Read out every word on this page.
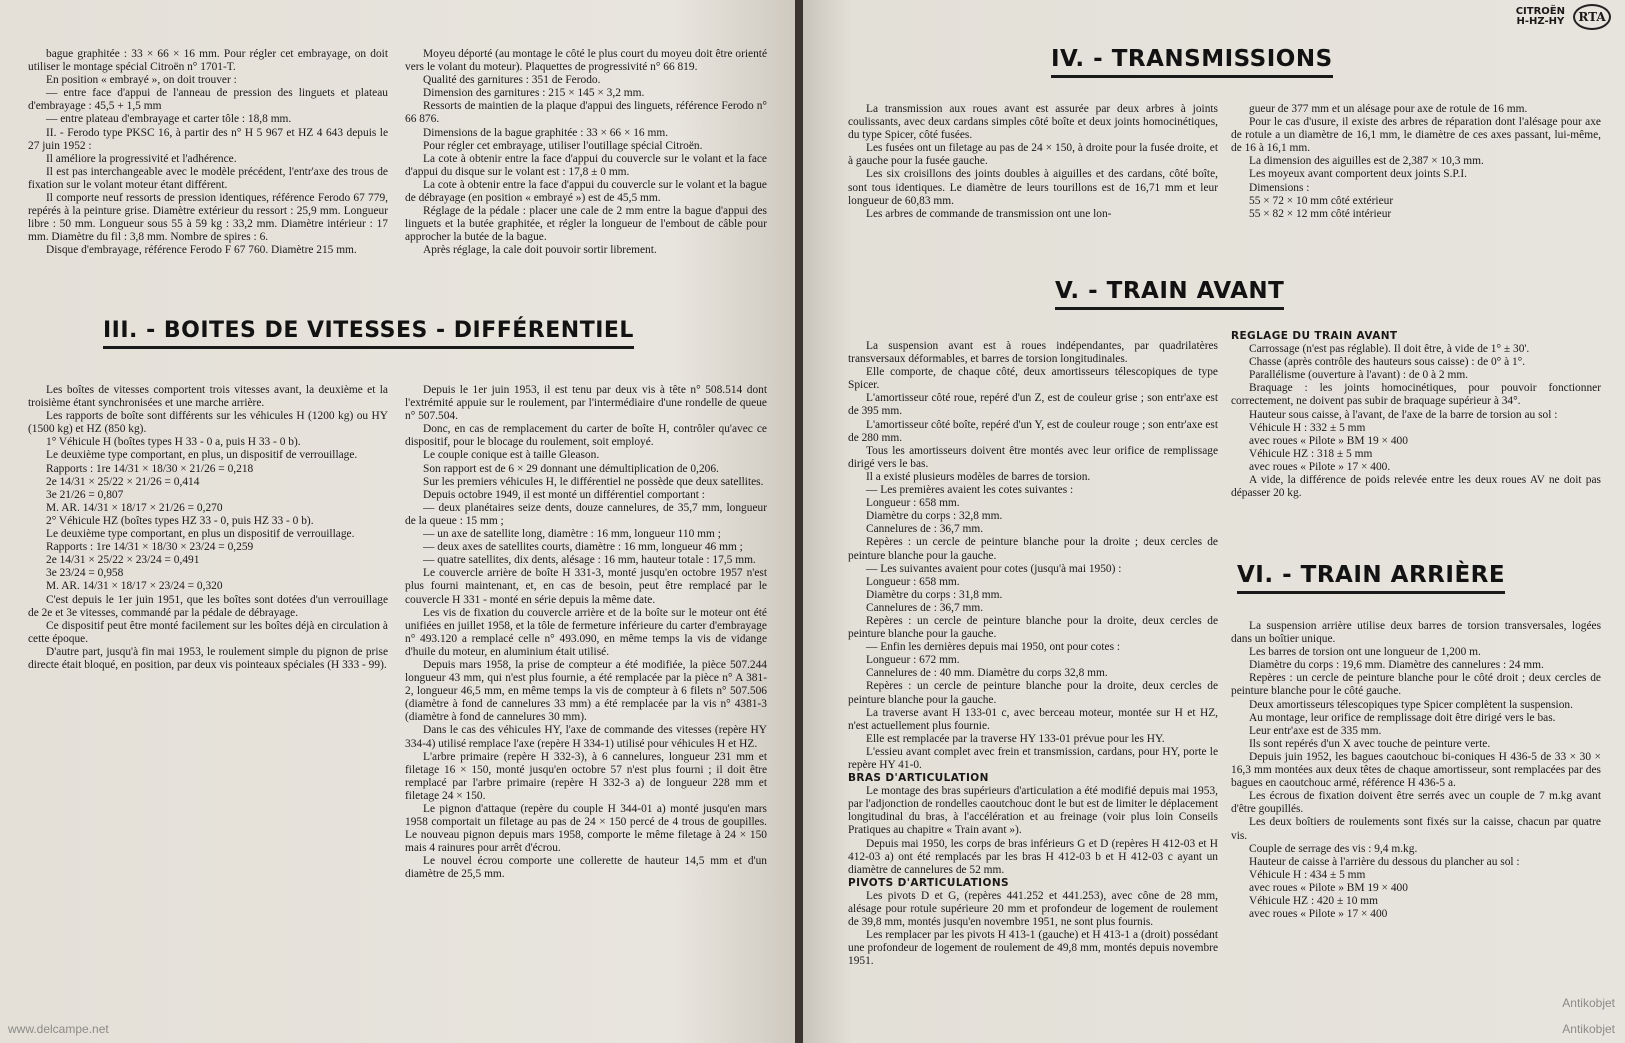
bague graphitée : 33 × 66 × 16 mm. Pour régler cet embrayage, on doit utiliser le montage spécial Citroën n° 1701-T.

En position « embrayé », on doit trouver :

— entre face d'appui de l'anneau de pression des linguets et plateau d'embrayage : 45,5 + 1,5 mm

— entre plateau d'embrayage et carter tôle : 18,8 mm.

II. - Ferodo type PKSC 16, à partir des n° H 5 967 et HZ 4 643 depuis le 27 juin 1952 :

Il améliore la progressivité et l'adhérence.

Il est pas interchangeable avec le modèle précédent, l'entr'axe des trous de fixation sur le volant moteur étant différent.

Il comporte neuf ressorts de pression identiques, référence Ferodo 67 779, repérés à la peinture grise. Diamètre extérieur du ressort : 25,9 mm. Longueur libre : 50 mm. Longueur sous 55 à 59 kg : 33,2 mm. Diamètre intérieur : 17 mm. Diamètre du fil : 3,8 mm. Nombre de spires : 6.

Disque d'embrayage, référence Ferodo F 67 760. Diamètre 215 mm.

Moyeu déporté (au montage le côté le plus court du moyeu doit être orienté vers le volant du moteur). Plaquettes de progressivité n° 66 819.

Qualité des garnitures : 351 de Ferodo.

Dimension des garnitures : 215 × 145 × 3,2 mm.

Ressorts de maintien de la plaque d'appui des linguets, référence Ferodo n° 66 876.

Dimensions de la bague graphitée : 33 × 66 × 16 mm.

Pour régler cet embrayage, utiliser l'outillage spécial Citroën.

La cote à obtenir entre la face d'appui du couvercle sur le volant et la face d'appui du disque sur le volant est : 17,8 ± 0 mm.

La cote à obtenir entre la face d'appui du couvercle sur le volant et la bague de débrayage (en position « embrayé ») est de 45,5 mm.

Réglage de la pédale : placer une cale de 2 mm entre la bague d'appui des linguets et la butée graphitée, et régler la longueur de l'embout de câble pour approcher la butée de la bague.

Après réglage, la cale doit pouvoir sortir librement.

III. - BOITES DE VITESSES - DIFFÉRENTIEL

Les boîtes de vitesses comportent trois vitesses avant, la deuxième et la troisième étant synchronisées et une marche arrière.

Les rapports de boîte sont différents sur les véhicules H (1200 kg) ou HY (1500 kg) et HZ (850 kg).

1° Véhicule H (boîtes types H 33 - 0 a, puis H 33 - 0 b).

Le deuxième type comportant, en plus, un dispositif de verrouillage.

Rapports : 1re 14/31 × 18/30 × 21/26 = 0,218

2e 14/31 × 25/22 × 21/26 = 0,414

3e 21/26 = 0,807

M. AR. 14/31 × 18/17 × 21/26 = 0,270

2° Véhicule HZ (boîtes types HZ 33 - 0, puis HZ 33 - 0 b).

Le deuxième type comportant, en plus un dispositif de verrouillage.

Rapports : 1re 14/31 × 18/30 × 23/24 = 0,259

2e 14/31 × 25/22 × 23/24 = 0,491

3e 23/24 = 0,958

M. AR. 14/31 × 18/17 × 23/24 = 0,320

C'est depuis le 1er juin 1951, que les boîtes sont dotées d'un verrouillage de 2e et 3e vitesses, commandé par la pédale de débrayage.

Ce dispositif peut être monté facilement sur les boîtes déjà en circulation à cette époque.

D'autre part, jusqu'à fin mai 1953, le roulement simple du pignon de prise directe était bloqué, en position, par deux vis pointeaux spéciales (H 333 - 99).

Depuis le 1er juin 1953, il est tenu par deux vis à tête n° 508.514 dont l'extrémité appuie sur le roulement, par l'intermédiaire d'une rondelle de queue n° 507.504.

Donc, en cas de remplacement du carter de boîte H, contrôler qu'avec ce dispositif, pour le blocage du roulement, soit employé.

Le couple conique est à taille Gleason.

Son rapport est de 6 × 29 donnant une démultiplication de 0,206.

Sur les premiers véhicules H, le différentiel ne possède que deux satellites.

Depuis octobre 1949, il est monté un différentiel comportant :

— deux planétaires seize dents, douze cannelures, de 35,7 mm, longueur de la queue : 15 mm ;

— un axe de satellite long, diamètre : 16 mm, longueur 110 mm ;

— deux axes de satellites courts, diamètre : 16 mm, longueur 46 mm ;

— quatre satellites, dix dents, alésage : 16 mm, hauteur totale : 17,5 mm.

Le couvercle arrière de boîte H 331-3, monté jusqu'en octobre 1957 n'est plus fourni maintenant, et, en cas de besoin, peut être remplacé par le couvercle H 331 - monté en série depuis la même date.

Les vis de fixation du couvercle arrière et de la boîte sur le moteur ont été unifiées en juillet 1958, et la tôle de fermeture inférieure du carter d'embrayage n° 493.120 a remplacé celle n° 493.090, en même temps la vis de vidange d'huile du moteur, en aluminium était utilisé.

Depuis mars 1958, la prise de compteur a été modifiée, la pièce 507.244 longueur 43 mm, qui n'est plus fournie, a été remplacée par la pièce n° A 381-2, longueur 46,5 mm, en même temps la vis de compteur à 6 filets n° 507.506 (diamètre à fond de cannelures 33 mm) a été remplacée par la vis n° 4381-3 (diamètre à fond de cannelures 30 mm).

Dans le cas des véhicules HY, l'axe de commande des vitesses (repère HY 334-4) utilisé remplace l'axe (repère H 334-1) utilisé pour véhicules H et HZ.

L'arbre primaire (repère H 332-3), à 6 cannelures, longueur 231 mm et filetage 16 × 150, monté jusqu'en octobre 57 n'est plus fourni ; il doit être remplacé par l'arbre primaire (repère H 332-3 a) de longueur 228 mm et filetage 24 × 150.

Le pignon d'attaque (repère du couple H 344-01 a) monté jusqu'en mars 1958 comportait un filetage au pas de 24 × 150 percé de 4 trous de goupilles. Le nouveau pignon depuis mars 1958, comporte le même filetage à 24 × 150 mais 4 rainures pour arrêt d'écrou.

Le nouvel écrou comporte une collerette de hauteur 14,5 mm et d'un diamètre de 25,5 mm.

www.delcampe.net
CITROËN
H-HZ-HY	RTA
IV. - TRANSMISSIONS

La transmission aux roues avant est assurée par deux arbres à joints coulissants, avec deux cardans simples côté boîte et deux joints homocinétiques, du type Spicer, côté fusées.

Les fusées ont un filetage au pas de 24 × 150, à droite pour la fusée droite, et à gauche pour la fusée gauche.

Les six croisillons des joints doubles à aiguilles et des cardans, côté boîte, sont tous identiques. Le diamètre de leurs tourillons est de 16,71 mm et leur longueur de 60,83 mm.

Les arbres de commande de transmission ont une lon-

gueur de 377 mm et un alésage pour axe de rotule de 16 mm.

Pour le cas d'usure, il existe des arbres de réparation dont l'alésage pour axe de rotule a un diamètre de 16,1 mm, le diamètre de ces axes passant, lui-même, de 16 à 16,1 mm.

La dimension des aiguilles est de 2,387 × 10,3 mm.

Les moyeux avant comportent deux joints S.P.I.

Dimensions :

55 × 72 × 10 mm côté extérieur

55 × 82 × 12 mm côté intérieur

V. - TRAIN AVANT

La suspension avant est à roues indépendantes, par quadrilatères transversaux déformables, et barres de torsion longitudinales.

Elle comporte, de chaque côté, deux amortisseurs télescopiques de type Spicer.

L'amortisseur côté roue, repéré d'un Z, est de couleur grise ; son entr'axe est de 395 mm.

L'amortisseur côté boîte, repéré d'un Y, est de couleur rouge ; son entr'axe est de 280 mm.

Tous les amortisseurs doivent être montés avec leur orifice de remplissage dirigé vers le bas.

Il a existé plusieurs modèles de barres de torsion.

— Les premières avaient les cotes suivantes :

Longueur : 658 mm.

Diamètre du corps : 32,8 mm.

Cannelures de : 36,7 mm.

Repères : un cercle de peinture blanche pour la droite ; deux cercles de peinture blanche pour la gauche.

— Les suivantes avaient pour cotes (jusqu'à mai 1950) :

Longueur : 658 mm.

Diamètre du corps : 31,8 mm.

Cannelures de : 36,7 mm.

Repères : un cercle de peinture blanche pour la droite, deux cercles de peinture blanche pour la gauche.

— Enfin les dernières depuis mai 1950, ont pour cotes :

Longueur : 672 mm.

Cannelures de : 40 mm. Diamètre du corps 32,8 mm.

Repères : un cercle de peinture blanche pour la droite, deux cercles de peinture blanche pour la gauche.

La traverse avant H 133-01 c, avec berceau moteur, montée sur H et HZ, n'est actuellement plus fournie.

Elle est remplacée par la traverse HY 133-01 prévue pour les HY.

L'essieu avant complet avec frein et transmission, cardans, pour HY, porte le repère HY 41-0.

BRAS D'ARTICULATION

Le montage des bras supérieurs d'articulation a été modifié depuis mai 1953, par l'adjonction de rondelles caoutchouc dont le but est de limiter le déplacement longitudinal du bras, à l'accélération et au freinage (voir plus loin Conseils Pratiques au chapitre « Train avant »).

Depuis mai 1950, les corps de bras inférieurs G et D (repères H 412-03 et H 412-03 a) ont été remplacés par les bras H 412-03 b et H 412-03 c ayant un diamètre de cannelures de 52 mm.

PIVOTS D'ARTICULATIONS

Les pivots D et G, (repères 441.252 et 441.253), avec cône de 28 mm, alésage pour rotule supérieure 20 mm et profondeur de logement de roulement de 39,8 mm, montés jusqu'en novembre 1951, ne sont plus fournis.

Les remplacer par les pivots H 413-1 (gauche) et H 413-1 a (droit) possédant une profondeur de logement de roulement de 49,8 mm, montés depuis novembre 1951.

REGLAGE DU TRAIN AVANT

Carrossage (n'est pas réglable). Il doit être, à vide de 1° ± 30'.

Chasse (après contrôle des hauteurs sous caisse) : de 0° à 1°.

Parallélisme (ouverture à l'avant) : de 0 à 2 mm.

Braquage : les joints homocinétiques, pour pouvoir fonctionner correctement, ne doivent pas subir de braquage supérieur à 34°.

Hauteur sous caisse, à l'avant, de l'axe de la barre de torsion au sol :

Véhicule H : 332 ± 5 mm

avec roues « Pilote » BM 19 × 400

Véhicule HZ : 318 ± 5 mm

avec roues « Pilote » 17 × 400.

A vide, la différence de poids relevée entre les deux roues AV ne doit pas dépasser 20 kg.

VI. - TRAIN ARRIÈRE

La suspension arrière utilise deux barres de torsion transversales, logées dans un boîtier unique.

Les barres de torsion ont une longueur de 1,200 m.

Diamètre du corps : 19,6 mm. Diamètre des cannelures : 24 mm.

Repères : un cercle de peinture blanche pour le côté droit ; deux cercles de peinture blanche pour le côté gauche.

Deux amortisseurs télescopiques type Spicer complètent la suspension.

Au montage, leur orifice de remplissage doit être dirigé vers le bas.

Leur entr'axe est de 335 mm.

Ils sont repérés d'un X avec touche de peinture verte.

Depuis juin 1952, les bagues caoutchouc bi-coniques H 436-5 de 33 × 30 × 16,3 mm montées aux deux têtes de chaque amortisseur, sont remplacées par des bagues en caoutchouc armé, référence H 436-5 a.

Les écrous de fixation doivent être serrés avec un couple de 7 m.kg avant d'être goupillés.

Les deux boîtiers de roulements sont fixés sur la caisse, chacun par quatre vis.

Couple de serrage des vis : 9,4 m.kg.

Hauteur de caisse à l'arrière du dessous du plancher au sol :

Véhicule H : 434 ± 5 mm

avec roues « Pilote » BM 19 × 400

Véhicule HZ : 420 ± 10 mm

avec roues « Pilote » 17 × 400

Antikobjet
Antikobjet
